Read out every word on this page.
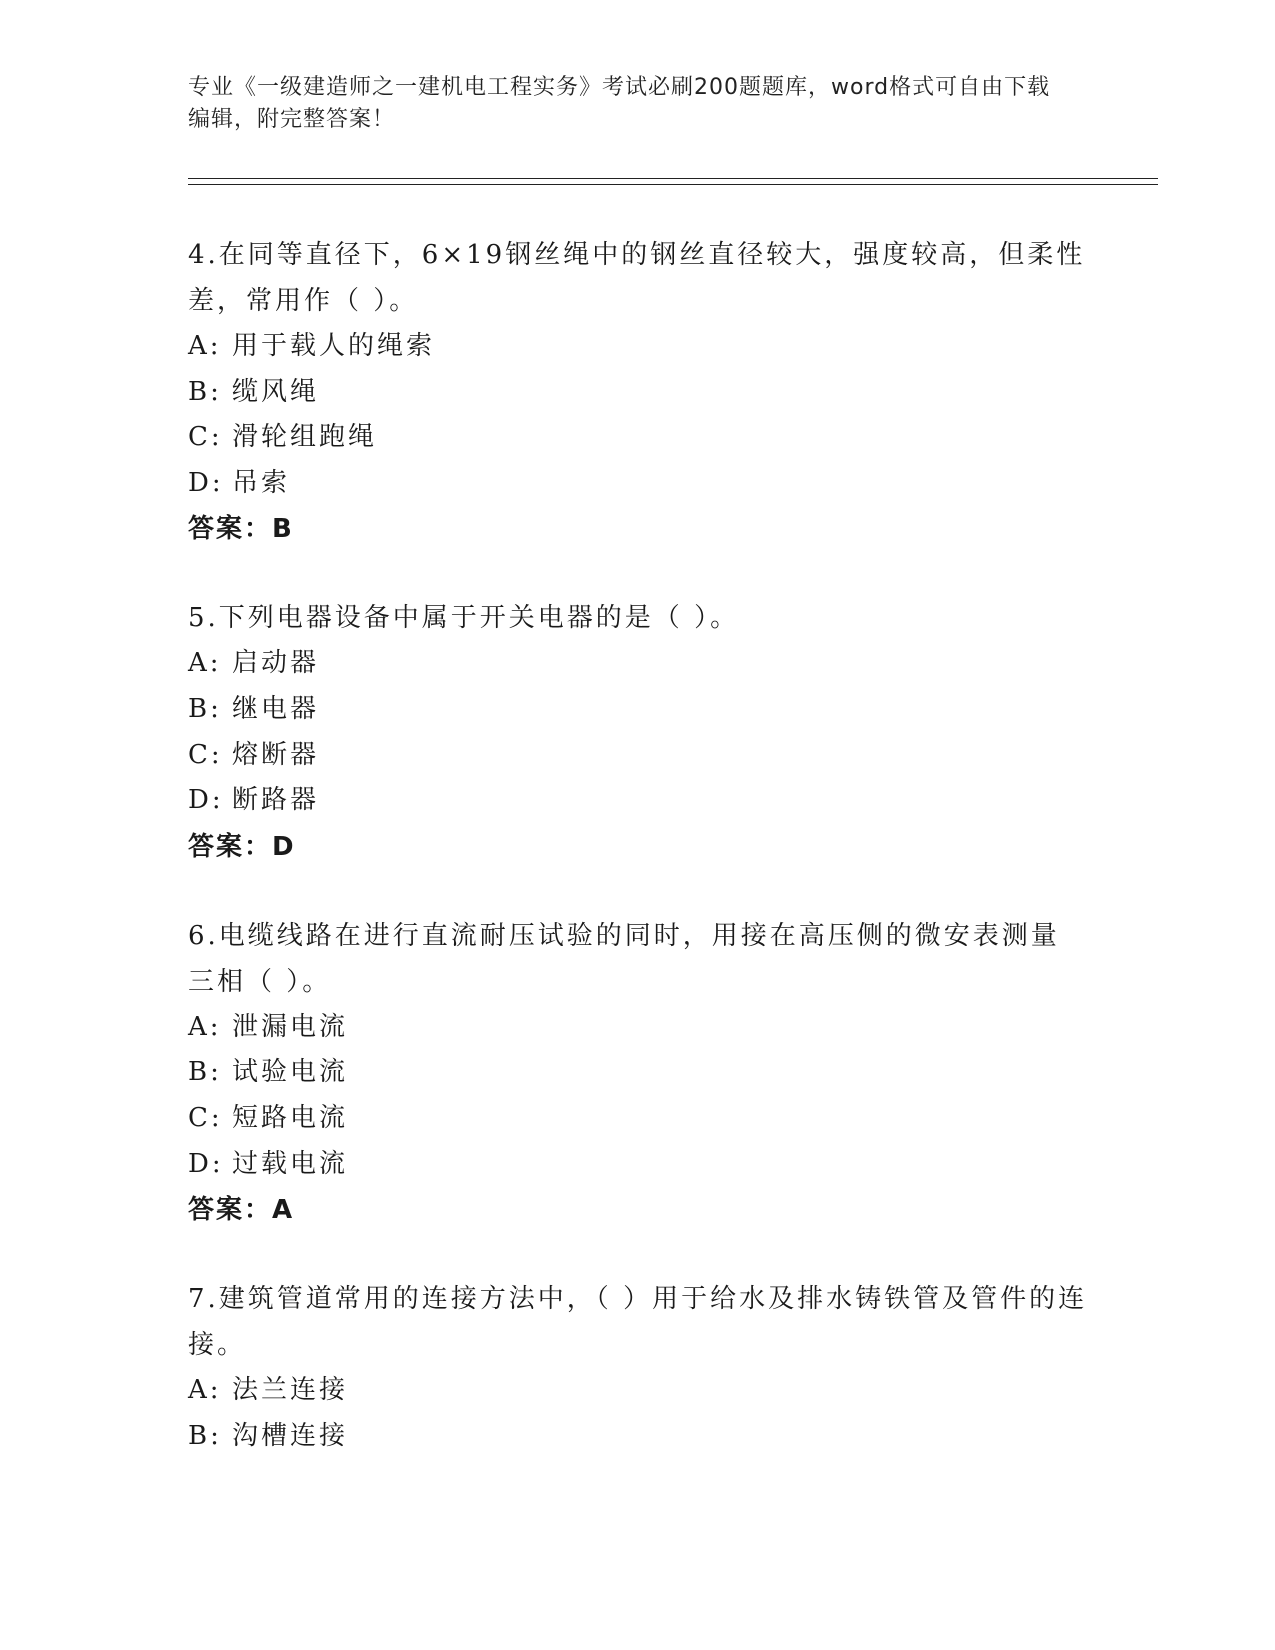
专业《一级建造师之一建机电工程实务》考试必刷200题题库，word格式可自由下载编辑，附完整答案！

4.在同等直径下，6×19钢丝绳中的钢丝直径较大，强度较高，但柔性差，常用作（ ）。

A: 用于载人的绳索
B: 缆风绳
C: 滑轮组跑绳
D: 吊索
答案：B

5.下列电器设备中属于开关电器的是（ ）。

A: 启动器
B: 继电器
C: 熔断器
D: 断路器
答案：D

6.电缆线路在进行直流耐压试验的同时，用接在高压侧的微安表测量三相（ ）。

A: 泄漏电流
B: 试验电流
C: 短路电流
D: 过载电流
答案：A

7.建筑管道常用的连接方法中，（ ）用于给水及排水铸铁管及管件的连接。

A: 法兰连接
B: 沟槽连接
